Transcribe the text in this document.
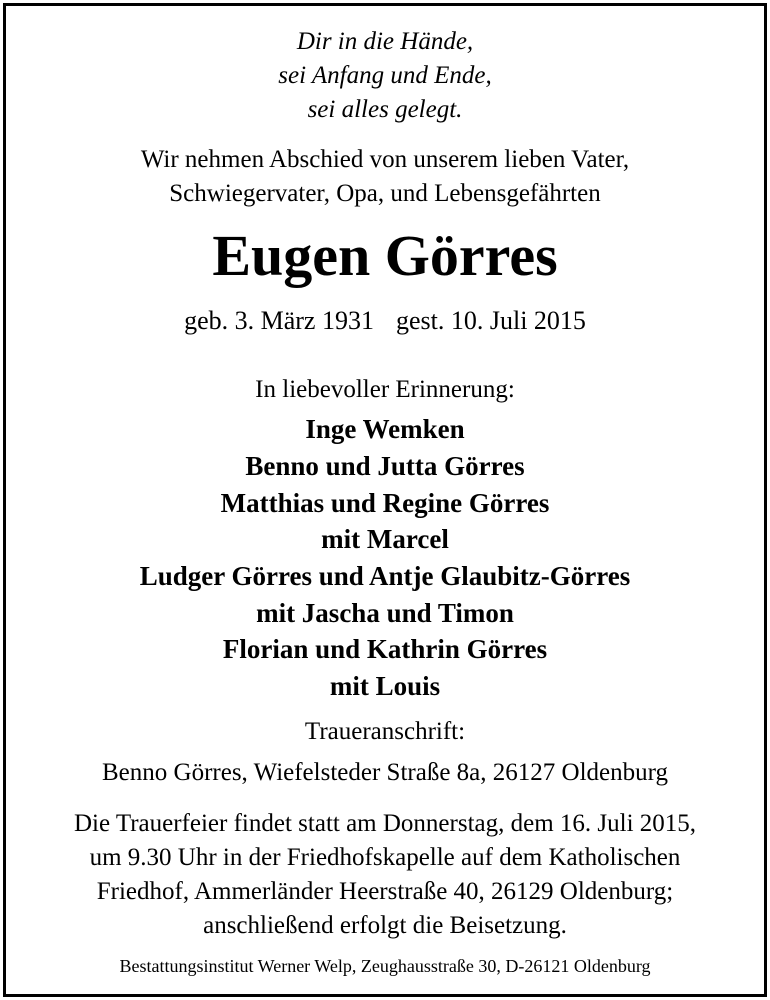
Dir in die Hände,
sei Anfang und Ende,
sei alles gelegt.
Wir nehmen Abschied von unserem lieben Vater,
Schwiegervater, Opa, und Lebensgefährten
Eugen Görres
geb. 3. März 1931 gest. 10. Juli 2015
In liebevoller Erinnerung:
Inge Wemken
Benno und Jutta Görres
Matthias und Regine Görres
mit Marcel
Ludger Görres und Antje Glaubitz-Görres
mit Jascha und Timon
Florian und Kathrin Görres
mit Louis
Traueranschrift:
Benno Görres, Wiefelsteder Straße 8a, 26127 Oldenburg
Die Trauerfeier findet statt am Donnerstag, dem 16. Juli 2015,
um 9.30 Uhr in der Friedhofskapelle auf dem Katholischen
Friedhof, Ammerländer Heerstraße 40, 26129 Oldenburg;
anschließend erfolgt die Beisetzung.
Bestattungsinstitut Werner Welp, Zeughausstraße 30, D-26121 Oldenburg
